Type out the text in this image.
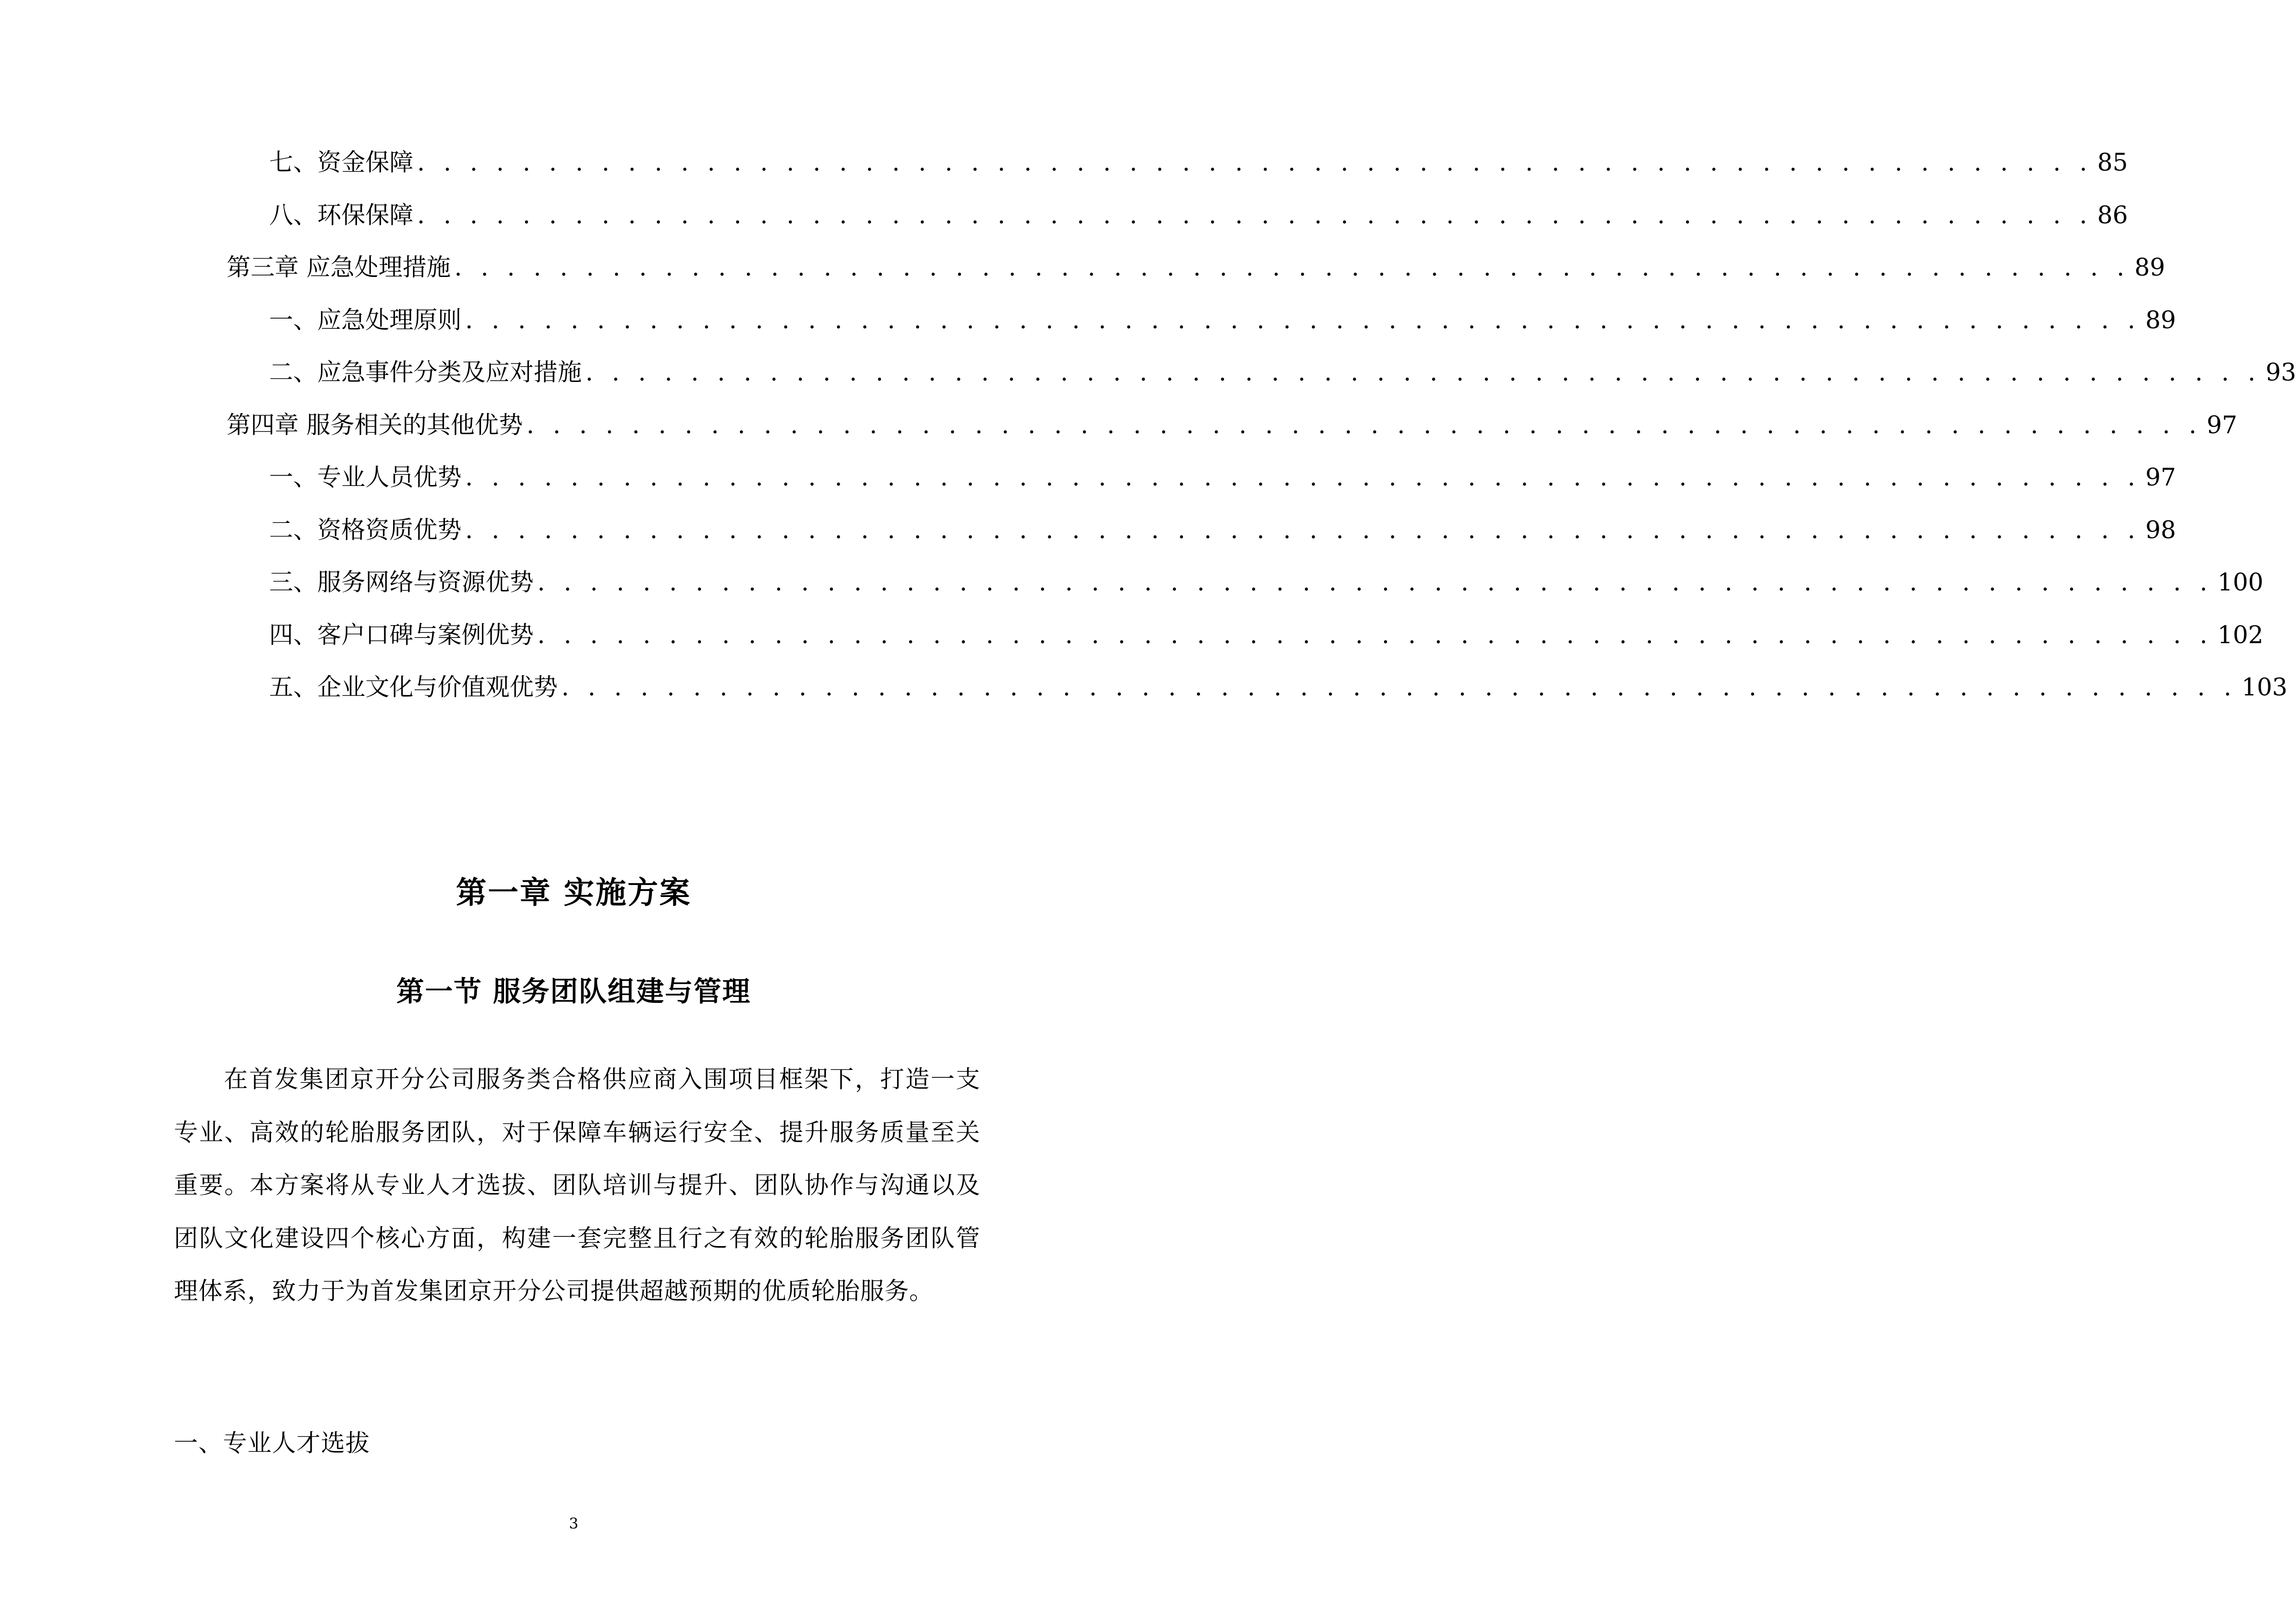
七、资金保障 . . . . . . . . . . . . . . . . . . . . . . . . . . . . . . . . . . . . . . . . . . . . . . . . . . . . . . . . . . . . . . . . 85
八、环保保障 . . . . . . . . . . . . . . . . . . . . . . . . . . . . . . . . . . . . . . . . . . . . . . . . . . . . . . . . . . . . . . . . 86
第三章 应急处理措施 . . . . . . . . . . . . . . . . . . . . . . . . . . . . . . . . . . . . . . . . . . . . . . . . . . . . . . . . . . . . . . . . 89
一、应急处理原则 . . . . . . . . . . . . . . . . . . . . . . . . . . . . . . . . . . . . . . . . . . . . . . . . . . . . . . . . . . . . . . . . 89
二、应急事件分类及应对措施 . . . . . . . . . . . . . . . . . . . . . . . . . . . . . . . . . . . . . . . . . . . . . . . . . . . . . . . . . . . . . . . . 93
第四章 服务相关的其他优势 . . . . . . . . . . . . . . . . . . . . . . . . . . . . . . . . . . . . . . . . . . . . . . . . . . . . . . . . . . . . . . . . 97
一、专业人员优势 . . . . . . . . . . . . . . . . . . . . . . . . . . . . . . . . . . . . . . . . . . . . . . . . . . . . . . . . . . . . . . . . 97
二、资格资质优势 . . . . . . . . . . . . . . . . . . . . . . . . . . . . . . . . . . . . . . . . . . . . . . . . . . . . . . . . . . . . . . . . 98
三、服务网络与资源优势 . . . . . . . . . . . . . . . . . . . . . . . . . . . . . . . . . . . . . . . . . . . . . . . . . . . . . . . . . . . . . . . . 100
四、客户口碑与案例优势 . . . . . . . . . . . . . . . . . . . . . . . . . . . . . . . . . . . . . . . . . . . . . . . . . . . . . . . . . . . . . . . . 102
五、企业文化与价值观优势 . . . . . . . . . . . . . . . . . . . . . . . . . . . . . . . . . . . . . . . . . . . . . . . . . . . . . . . . . . . . . . . . 103
第一章 实施方案
第一节 服务团队组建与管理

在首发集团京开分公司服务类合格供应商入围项目框架下，打造一支专业、高效的轮胎服务团队，对于保障车辆运行安全、提升服务质量至关重要。本方案将从专业人才选拔、团队培训与提升、团队协作与沟通以及团队文化建设四个核心方面，构建一套完整且行之有效的轮胎服务团队管理体系，致力于为首发集团京开分公司提供超越预期的优质轮胎服务。

一、专业人才选拔

3
